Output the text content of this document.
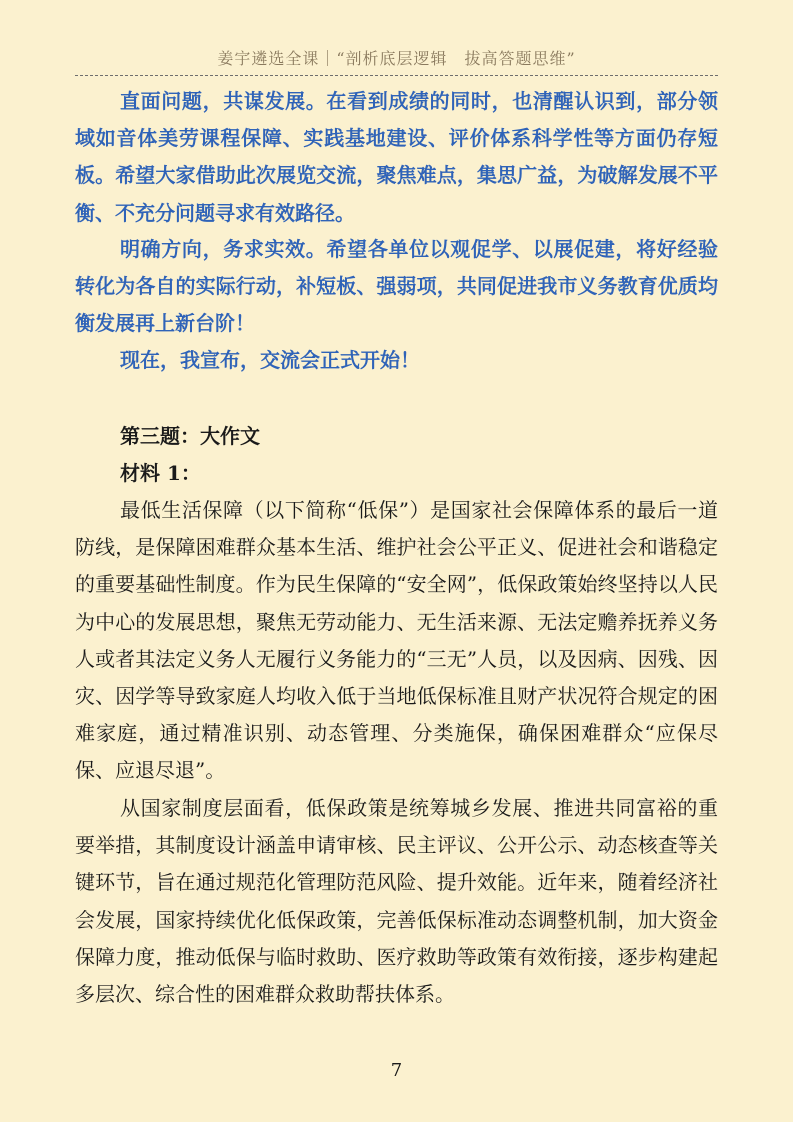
姜宇遴选全课｜“剖析底层逻辑　拔高答题思维”

直面问题，共谋发展。在看到成绩的同时，也清醒认识到，部分领域如音体美劳课程保障、实践基地建设、评价体系科学性等方面仍存短板。希望大家借助此次展览交流，聚焦难点，集思广益，为破解发展不平衡、不充分问题寻求有效路径。

明确方向，务求实效。希望各单位以观促学、以展促建，将好经验转化为各自的实际行动，补短板、强弱项，共同促进我市义务教育优质均衡发展再上新台阶！

现在，我宣布，交流会正式开始！

第三题：大作文

材料 1：

最低生活保障（以下简称“低保”）是国家社会保障体系的最后一道防线，是保障困难群众基本生活、维护社会公平正义、促进社会和谐稳定的重要基础性制度。作为民生保障的“安全网”，低保政策始终坚持以人民为中心的发展思想，聚焦无劳动能力、无生活来源、无法定赡养抚养义务人或者其法定义务人无履行义务能力的“三无”人员，以及因病、因残、因灾、因学等导致家庭人均收入低于当地低保标准且财产状况符合规定的困难家庭，通过精准识别、动态管理、分类施保，确保困难群众“应保尽保、应退尽退”。

从国家制度层面看，低保政策是统筹城乡发展、推进共同富裕的重要举措，其制度设计涵盖申请审核、民主评议、公开公示、动态核查等关键环节，旨在通过规范化管理防范风险、提升效能。近年来，随着经济社会发展，国家持续优化低保政策，完善低保标准动态调整机制，加大资金保障力度，推动低保与临时救助、医疗救助等政策有效衔接，逐步构建起多层次、综合性的困难群众救助帮扶体系。

7
